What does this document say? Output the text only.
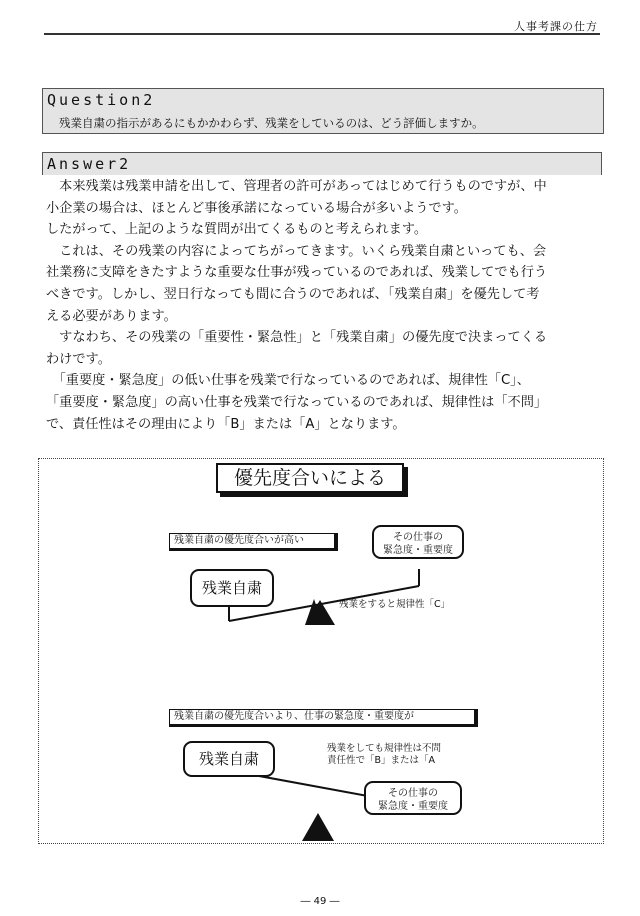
人事考課の仕方
Question2
残業自粛の指示があるにもかかわらず、残業をしているのは、どう評価しますか。
Answer2

　本来残業は残業申請を出して、管理者の許可があってはじめて行うものですが、中

小企業の場合は、ほとんど事後承諾になっている場合が多いようです。

したがって、上記のような質問が出てくるものと考えられます。

　これは、その残業の内容によってちがってきます。いくら残業自粛といっても、会

社業務に支障をきたすような重要な仕事が残っているのであれば、残業してでも行う

べきです。しかし、翌日行なっても間に合うのであれば、「残業自粛」を優先して考

える必要があります。

　すなわち、その残業の「重要性・緊急性」と「残業自粛」の優先度で決まってくる

わけです。

　「重要度・緊急度」の低い仕事を残業で行なっているのであれば、規律性「C」、

「重要度・緊急度」の高い仕事を残業で行なっているのであれば、規律性は「不問」

で、責任性はその理由により「B」または「A」となります。

優先度合いによる
残業自粛の優先度合いが高い
残業自粛
その仕事の
緊急度・重要度
残業をすると規律性「C」
残業自粛の優先度合いより、仕事の緊急度・重要度が
残業自粛
その仕事の
緊急度・重要度
残業をしても規律性は不問
責任性で「B」または「A
― 49 ―
